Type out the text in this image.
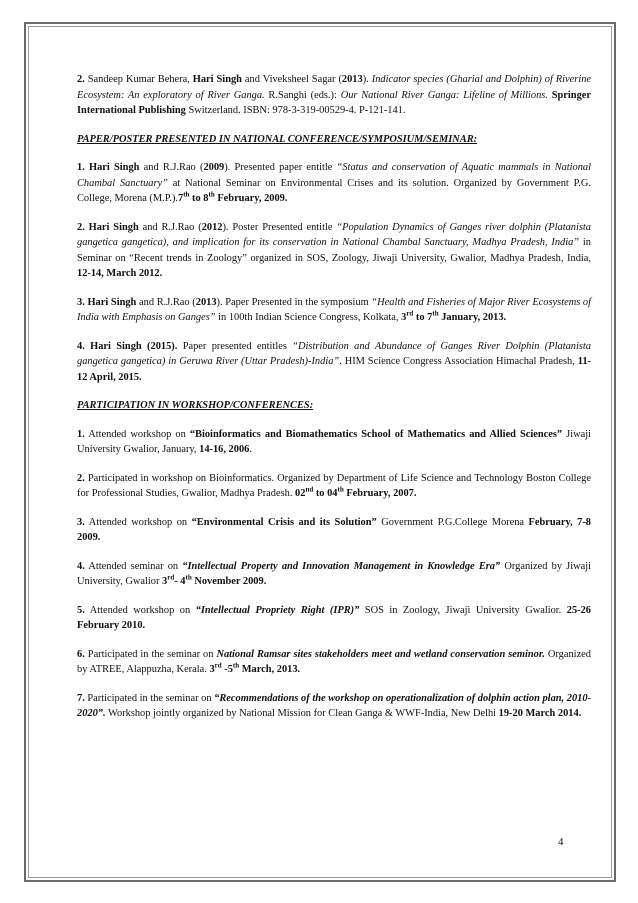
2. Sandeep Kumar Behera, Hari Singh and Viveksheel Sagar (2013). Indicator species (Gharial and Dolphin) of Riverine Ecosystem: An exploratory of River Ganga. R.Sanghi (eds.): Our National River Ganga: Lifeline of Millions. Springer International Publishing Switzerland. ISBN: 978-3-319-00529-4. P-121-141.

PAPER/POSTER PRESENTED IN NATIONAL CONFERENCE/SYMPOSIUM/SEMINAR:

1. Hari Singh and R.J.Rao (2009). Presented paper entitle “Status and conservation of Aquatic mammals in National Chambal Sanctuary” at National Seminar on Environmental Crises and its solution. Organized by Government P.G. College, Morena (M.P.).7th to 8th February, 2009.

2. Hari Singh and R.J.Rao (2012). Poster Presented entitle “Population Dynamics of Ganges river dolphin (Platanista gangetica gangetica), and implication for its conservation in National Chambal Sanctuary, Madhya Pradesh, India” in Seminar on “Recent trends in Zoology” organized in SOS, Zoology, Jiwaji University, Gwalior, Madhya Pradesh, India, 12-14, March 2012.

3. Hari Singh and R.J.Rao (2013). Paper Presented in the symposium “Health and Fisheries of Major River Ecosystems of India with Emphasis on Ganges” in 100th Indian Science Congress, Kolkata, 3rd to 7th January, 2013.

4. Hari Singh (2015). Paper presented entitles “Distribution and Abundance of Ganges River Dolphin (Platanista gangetica gangetica) in Geruwa River (Uttar Pradesh)-India”. HIM Science Congress Association Himachal Pradesh, 11-12 April, 2015.

PARTICIPATION IN WORKSHOP/CONFERENCES:

1. Attended workshop on “Bioinformatics and Biomathematics School of Mathematics and Allied Sciences” Jiwaji University Gwalior, January, 14-16, 2006.

2. Participated in workshop on Bioinformatics. Organized by Department of Life Science and Technology Boston College for Professional Studies, Gwalior, Madhya Pradesh. 02nd to 04th February, 2007.

3. Attended workshop on “Environmental Crisis and its Solution” Government P.G.College Morena February, 7-8 2009.

4. Attended seminar on “Intellectual Property and Innovation Management in Knowledge Era” Organized by Jiwaji University, Gwalior 3rd- 4th November 2009.

5. Attended workshop on “Intellectual Propriety Right (IPR)” SOS in Zoology, Jiwaji University Gwalior. 25-26 February 2010.

6. Participated in the seminar on National Ramsar sites stakeholders meet and wetland conservation seminor. Organized by ATREE, Alappuzha, Kerala. 3rd -5th March, 2013.

7. Participated in the seminar on “Recommendations of the workshop on operationalization of dolphin action plan, 2010-2020”. Workshop jointly organized by National Mission for Clean Ganga & WWF-India, New Delhi 19-20 March 2014.

4
